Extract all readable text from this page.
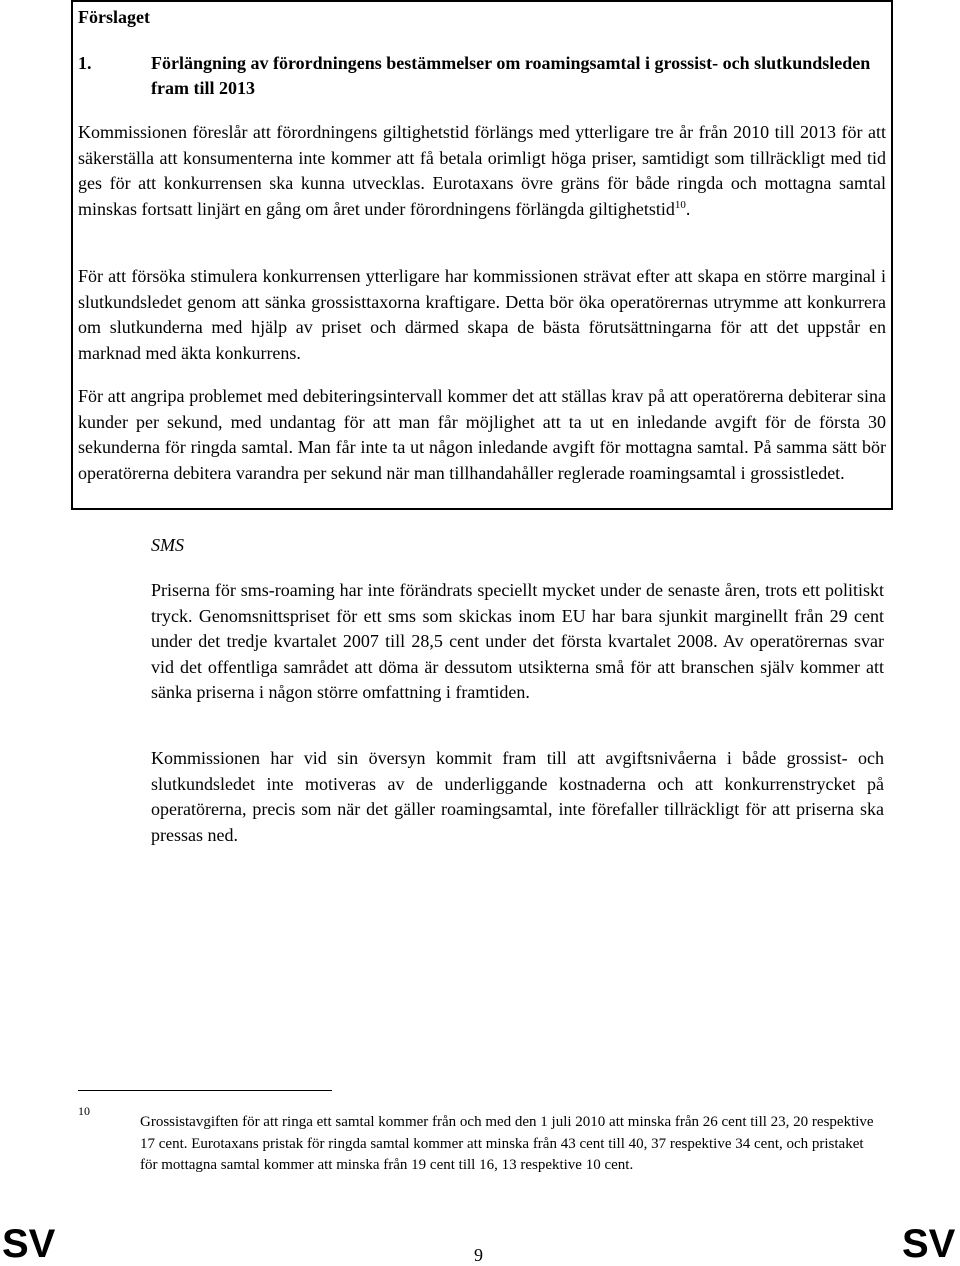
Förslaget
1.	Förlängning av förordningens bestämmelser om roamingsamtal i grossist- och slutkundsleden fram till 2013

Kommissionen föreslår att förordningens giltighetstid förlängs med ytterligare tre år från 2010 till 2013 för att säkerställa att konsumenterna inte kommer att få betala orimligt höga priser, samtidigt som tillräckligt med tid ges för att konkurrensen ska kunna utvecklas. Eurotaxans övre gräns för både ringda och mottagna samtal minskas fortsatt linjärt en gång om året under förordningens förlängda giltighetstid$^{10}$.

För att försöka stimulera konkurrensen ytterligare har kommissionen strävat efter att skapa en större marginal i slutkundsledet genom att sänka grossisttaxorna kraftigare. Detta bör öka operatörernas utrymme att konkurrera om slutkunderna med hjälp av priset och därmed skapa de bästa förutsättningarna för att det uppstår en marknad med äkta konkurrens.

För att angripa problemet med debiteringsintervall kommer det att ställas krav på att operatörerna debiterar sina kunder per sekund, med undantag för att man får möjlighet att ta ut en inledande avgift för de första 30 sekunderna för ringda samtal. Man får inte ta ut någon inledande avgift för mottagna samtal. På samma sätt bör operatörerna debitera varandra per sekund när man tillhandahåller reglerade roamingsamtal i grossistledet.

SMS

Priserna för sms-roaming har inte förändrats speciellt mycket under de senaste åren, trots ett politiskt tryck. Genomsnittspriset för ett sms som skickas inom EU har bara sjunkit marginellt från 29 cent under det tredje kvartalet 2007 till 28,5 cent under det första kvartalet 2008. Av operatörernas svar vid det offentliga samrådet att döma är dessutom utsikterna små för att branschen själv kommer att sänka priserna i någon större omfattning i framtiden.

Kommissionen har vid sin översyn kommit fram till att avgiftsnivåerna i både grossist- och slutkundsledet inte motiveras av de underliggande kostnaderna och att konkurrenstrycket på operatörerna, precis som när det gäller roamingsamtal, inte förefaller tillräckligt för att priserna ska pressas ned.

10

Grossistavgiften för att ringa ett samtal kommer från och med den 1 juli 2010 att minska från 26 cent till 23, 20 respektive 17 cent. Eurotaxans pristak för ringda samtal kommer att minska från 43 cent till 40, 37 respektive 34 cent, och pristaket för mottagna samtal kommer att minska från 19 cent till 16, 13 respektive 10 cent.

SV	9	SV
